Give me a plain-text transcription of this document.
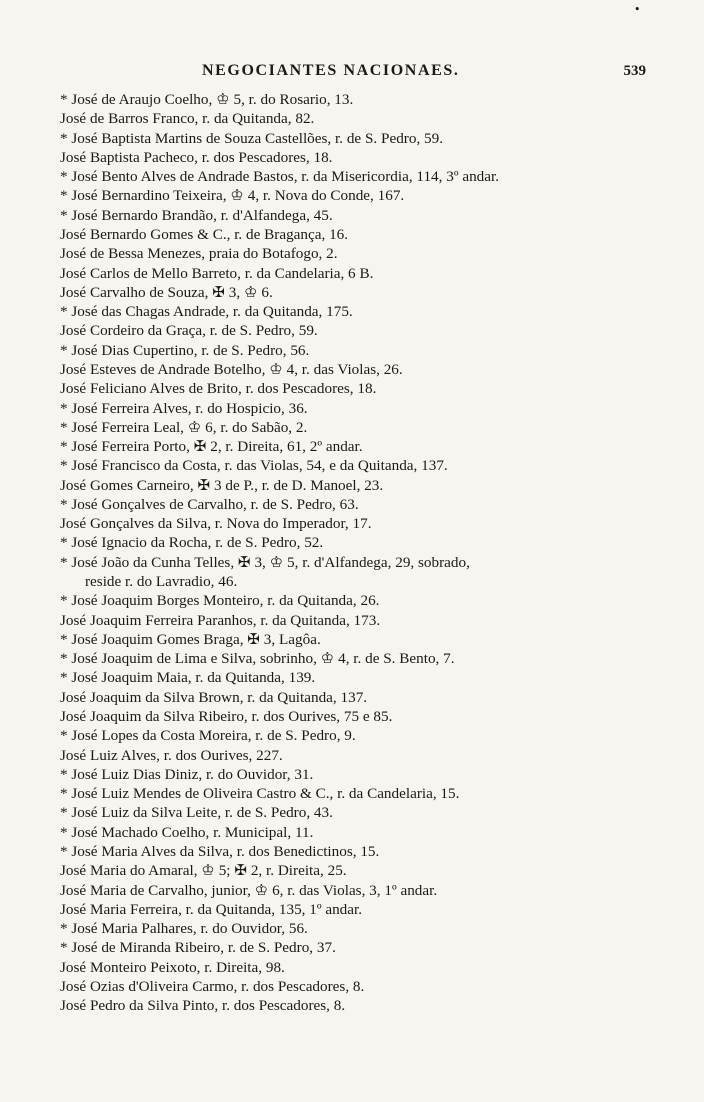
•
NEGOCIANTES NACIONAES.	539
* José de Araujo Coelho, ♔ 5, r. do Rosario, 13.
José de Barros Franco, r. da Quitanda, 82.
* José Baptista Martins de Souza Castellões, r. de S. Pedro, 59.
José Baptista Pacheco, r. dos Pescadores, 18.
* José Bento Alves de Andrade Bastos, r. da Misericordia, 114, 3º andar.
* José Bernardino Teixeira, ♔ 4, r. Nova do Conde, 167.
* José Bernardo Brandão, r. d'Alfandega, 45.
José Bernardo Gomes & C., r. de Bragança, 16.
José de Bessa Menezes, praia do Botafogo, 2.
José Carlos de Mello Barreto, r. da Candelaria, 6 B.
José Carvalho de Souza, ✠ 3, ♔ 6.
* José das Chagas Andrade, r. da Quitanda, 175.
José Cordeiro da Graça, r. de S. Pedro, 59.
* José Dias Cupertino, r. de S. Pedro, 56.
José Esteves de Andrade Botelho, ♔ 4, r. das Violas, 26.
José Feliciano Alves de Brito, r. dos Pescadores, 18.
* José Ferreira Alves, r. do Hospicio, 36.
* José Ferreira Leal, ♔ 6, r. do Sabão, 2.
* José Ferreira Porto, ✠ 2, r. Direita, 61, 2º andar.
* José Francisco da Costa, r. das Violas, 54, e da Quitanda, 137.
José Gomes Carneiro, ✠ 3 de P., r. de D. Manoel, 23.
* José Gonçalves de Carvalho, r. de S. Pedro, 63.
José Gonçalves da Silva, r. Nova do Imperador, 17.
* José Ignacio da Rocha, r. de S. Pedro, 52.
* José João da Cunha Telles, ✠ 3, ♔ 5, r. d'Alfandega, 29, sobrado,
reside r. do Lavradio, 46.
* José Joaquim Borges Monteiro, r. da Quitanda, 26.
José Joaquim Ferreira Paranhos, r. da Quitanda, 173.
* José Joaquim Gomes Braga, ✠ 3, Lagôa.
* José Joaquim de Lima e Silva, sobrinho, ♔ 4, r. de S. Bento, 7.
* José Joaquim Maia, r. da Quitanda, 139.
José Joaquim da Silva Brown, r. da Quitanda, 137.
José Joaquim da Silva Ribeiro, r. dos Ourives, 75 e 85.
* José Lopes da Costa Moreira, r. de S. Pedro, 9.
José Luiz Alves, r. dos Ourives, 227.
* José Luiz Dias Diniz, r. do Ouvidor, 31.
* José Luiz Mendes de Oliveira Castro & C., r. da Candelaria, 15.
* José Luiz da Silva Leite, r. de S. Pedro, 43.
* José Machado Coelho, r. Municipal, 11.
* José Maria Alves da Silva, r. dos Benedictinos, 15.
José Maria do Amaral, ♔ 5; ✠ 2, r. Direita, 25.
José Maria de Carvalho, junior, ♔ 6, r. das Violas, 3, 1º andar.
José Maria Ferreira, r. da Quitanda, 135, 1º andar.
* José Maria Palhares, r. do Ouvidor, 56.
* José de Miranda Ribeiro, r. de S. Pedro, 37.
José Monteiro Peixoto, r. Direita, 98.
José Ozias d'Oliveira Carmo, r. dos Pescadores, 8.
José Pedro da Silva Pinto, r. dos Pescadores, 8.
